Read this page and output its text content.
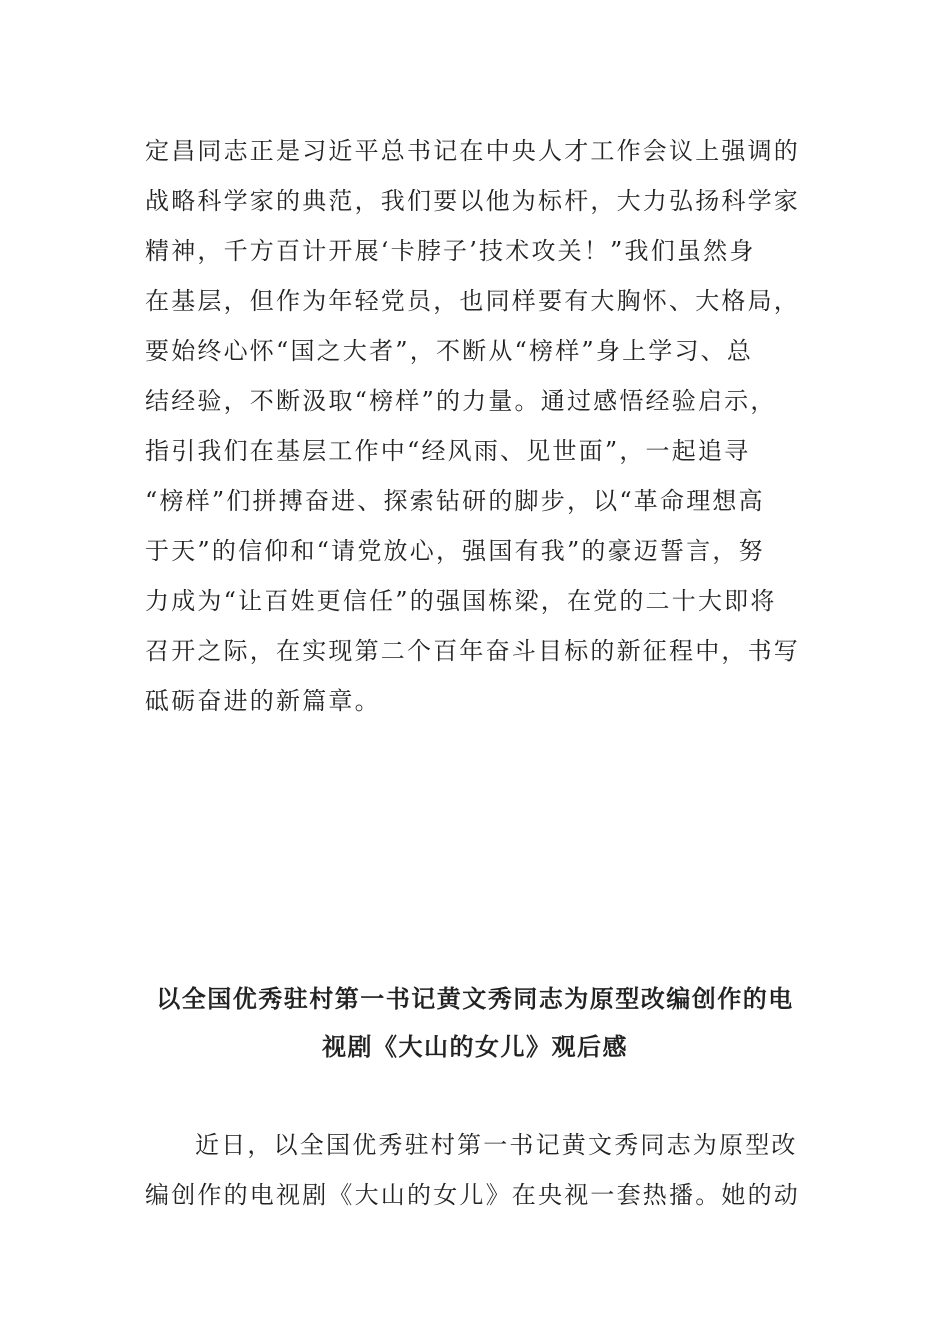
定昌同志正是习近平总书记在中央人才工作会议上强调的
战略科学家的典范，我们要以他为标杆，大力弘扬科学家
精神，千方百计开展‘卡脖子’技术攻关！”我们虽然身
在基层，但作为年轻党员，也同样要有大胸怀、大格局，
要始终心怀“国之大者”，不断从“榜样”身上学习、总
结经验，不断汲取“榜样”的力量。通过感悟经验启示，
指引我们在基层工作中“经风雨、见世面”，一起追寻
“榜样”们拼搏奋进、探索钻研的脚步，以“革命理想高
于天”的信仰和“请党放心，强国有我”的豪迈誓言，努
力成为“让百姓更信任”的强国栋梁，在党的二十大即将
召开之际，在实现第二个百年奋斗目标的新征程中，书写
砥砺奋进的新篇章。
以全国优秀驻村第一书记黄文秀同志为原型改编创作的电
视剧《大山的女儿》观后感
近日，以全国优秀驻村第一书记黄文秀同志为原型改
编创作的电视剧《大山的女儿》在央视一套热播。她的动
